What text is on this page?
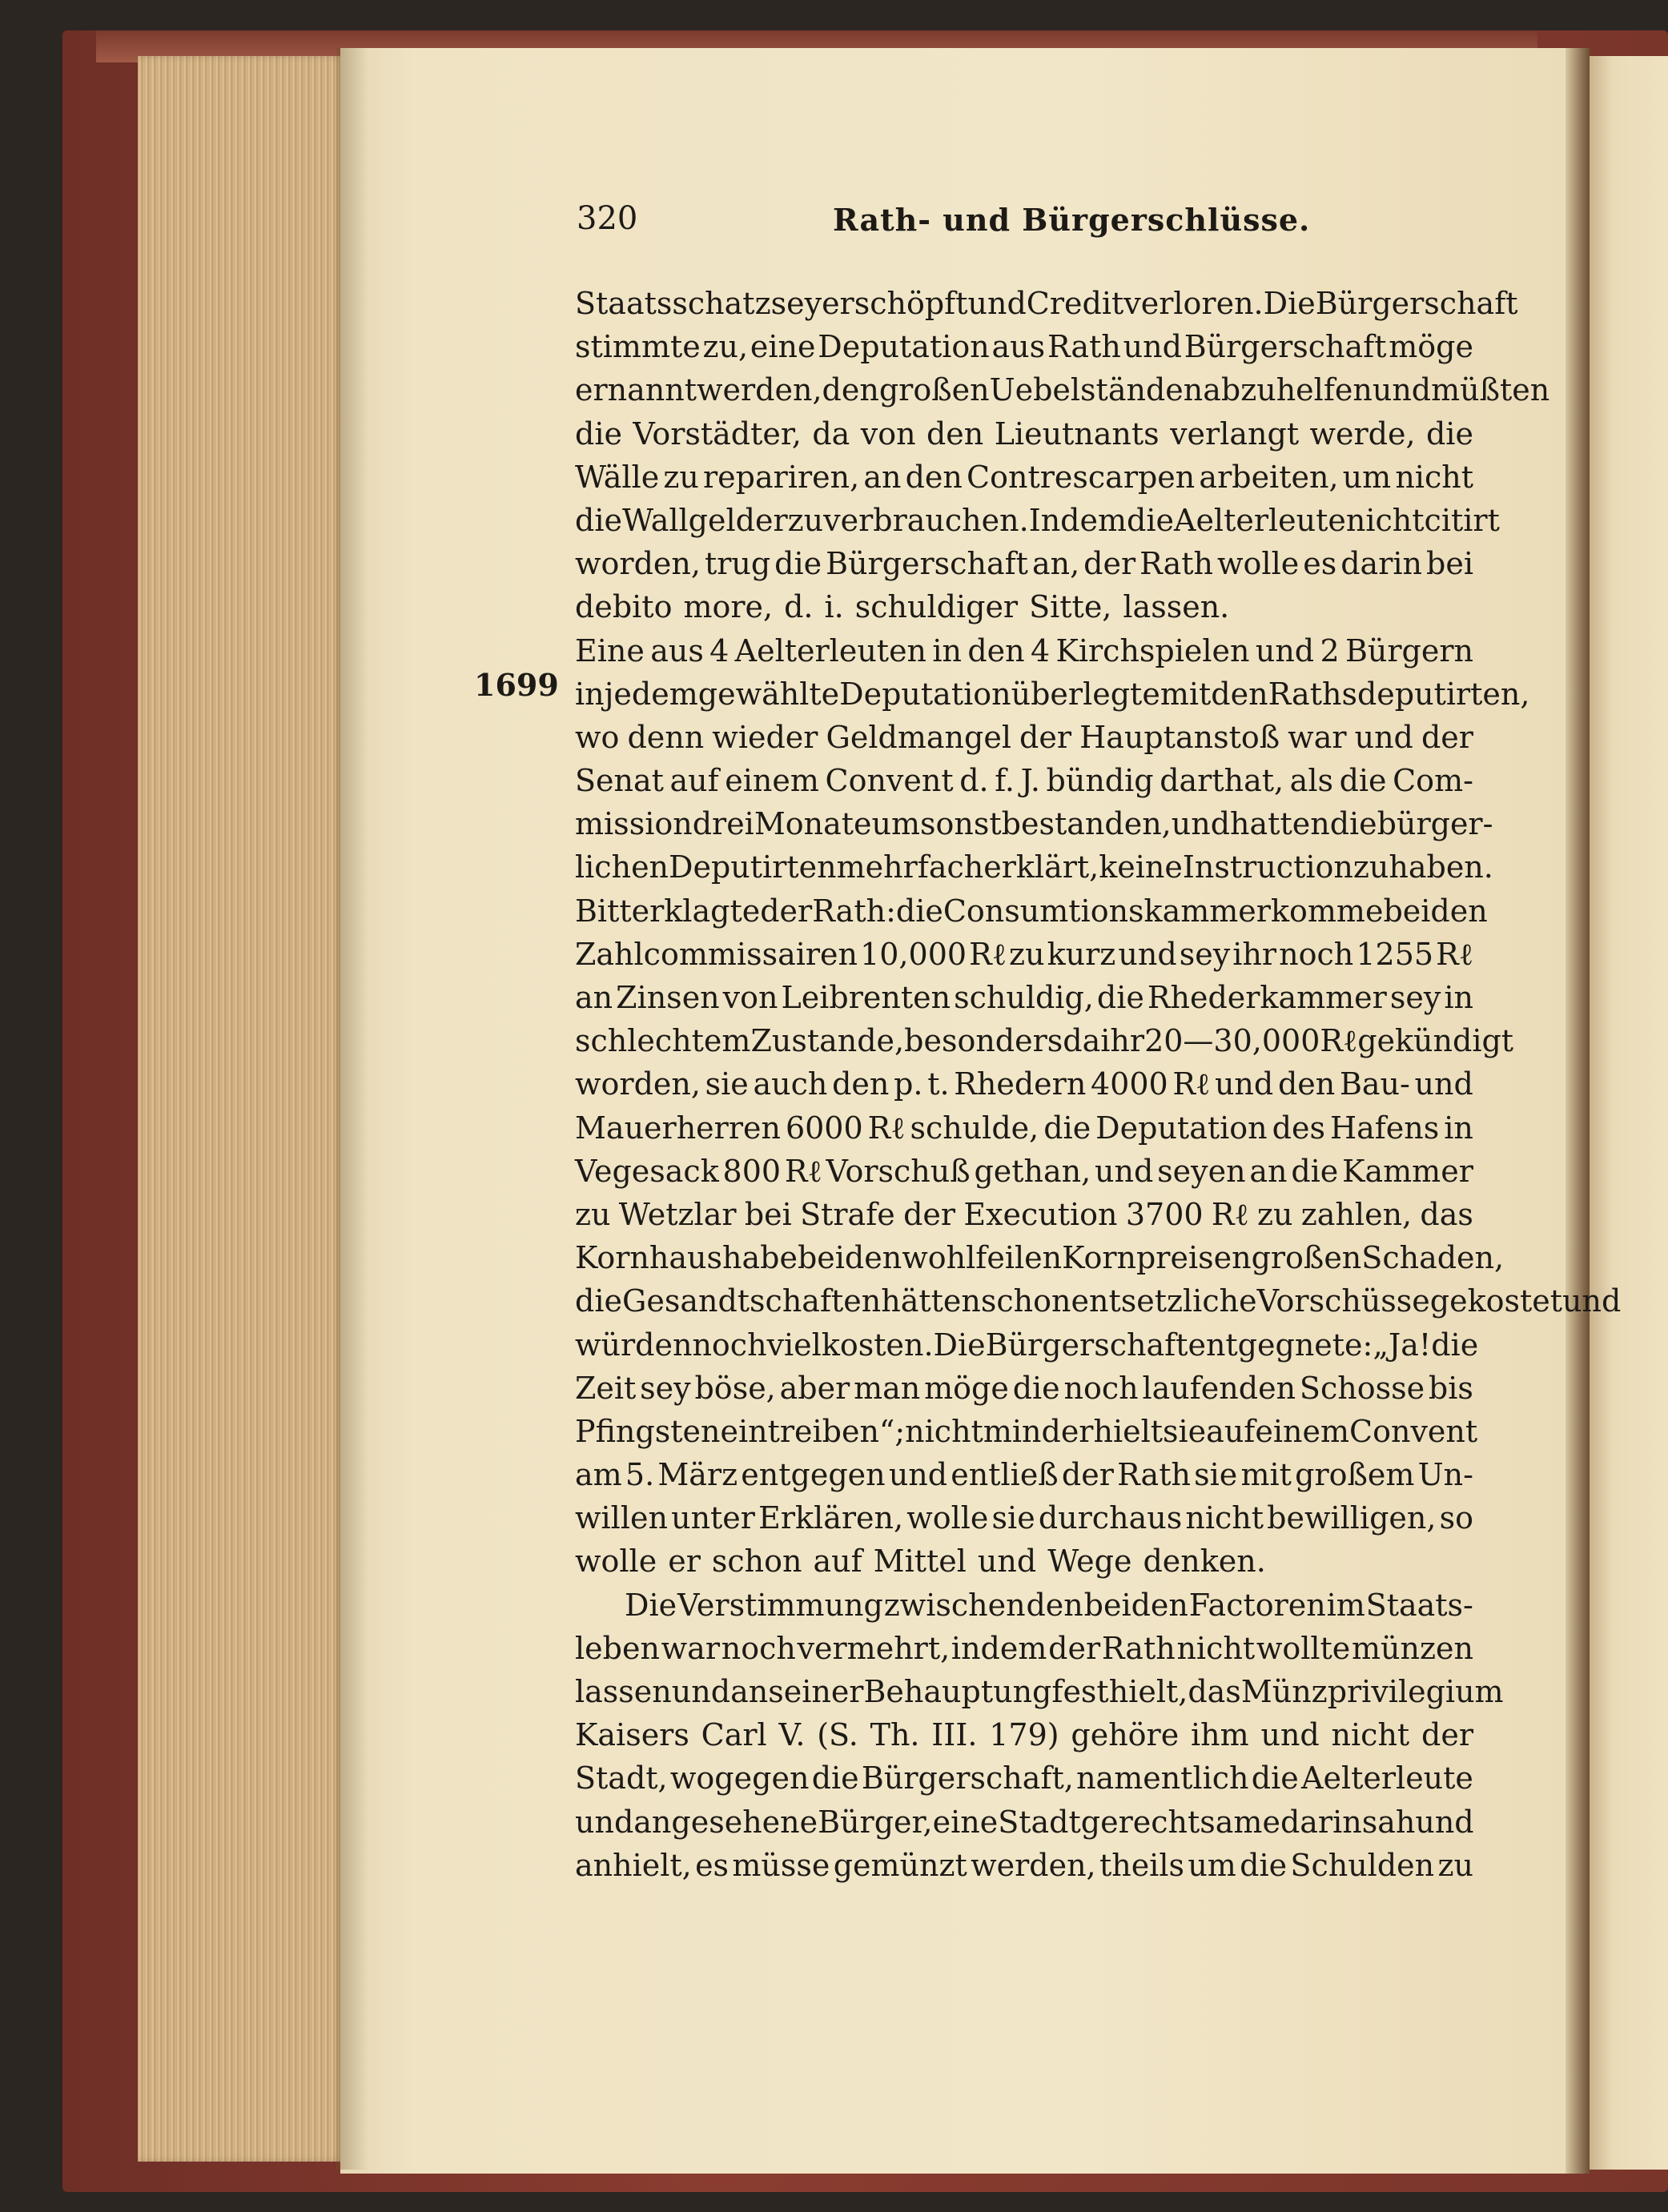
320	Rath- und Bürgerschlüsse.
1699
Staatsschatz sey erschöpft und Credit verloren. Die Bürgerschaft
stimmte zu, eine Deputation aus Rath und Bürgerschaft möge
ernannt werden, den großen Uebelständen abzuhelfen und müßten
die Vorstädter, da von den Lieutnants verlangt werde, die
Wälle zu repariren, an den Contrescarpen arbeiten, um nicht
die Wallgelder zu verbrauchen. Indem die Aelterleute nicht citirt
worden, trug die Bürgerschaft an, der Rath wolle es darin bei
debito more, d. i. schuldiger Sitte, lassen.
Eine aus 4 Aelterleuten in den 4 Kirchspielen und 2 Bürgern
in jedem gewählte Deputation überlegte mit den Rathsdeputirten,
wo denn wieder Geldmangel der Hauptanstoß war und der
Senat auf einem Convent d. f. J. bündig darthat, als die Com-
mission drei Monate umsonst bestanden, und hatten die bürger-
lichen Deputirten mehrfach erklärt, keine Instruction zu haben.
Bitter klagte der Rath: die Consumtionskammer komme bei den
Zahlcommissairen 10,000 Rℓ zu kurz und sey ihr noch 1255 Rℓ
an Zinsen von Leibrenten schuldig, die Rhederkammer sey in
schlechtem Zustande, besonders da ihr 20—30,000 Rℓ gekündigt
worden, sie auch den p. t. Rhedern 4000 Rℓ und den Bau- und
Mauerherren 6000 Rℓ schulde, die Deputation des Hafens in
Vegesack 800 Rℓ Vorschuß gethan, und seyen an die Kammer
zu Wetzlar bei Strafe der Execution 3700 Rℓ zu zahlen, das
Kornhaus habe bei den wohlfeilen Kornpreisen großen Schaden,
die Gesandtschaften hätten schon entsetzliche Vorschüsse gekostet und
würden noch viel kosten. Die Bürgerschaft entgegnete: „Ja! die
Zeit sey böse, aber man möge die noch laufenden Schosse bis
Pfingsten eintreiben“; nicht minder hielt sie auf einem Convent
am 5. März entgegen und entließ der Rath sie mit großem Un-
willen unter Erklären, wolle sie durchaus nicht bewilligen, so
wolle er schon auf Mittel und Wege denken.
Die Verstimmung zwischen den beiden Factoren im Staats-
leben war noch vermehrt, indem der Rath nicht wollte münzen
lassen und an seiner Behauptung fest hielt, das Münzprivilegium
Kaisers Carl V. (S. Th. III. 179) gehöre ihm und nicht der
Stadt, wogegen die Bürgerschaft, namentlich die Aelterleute
und angesehene Bürger, eine Stadtgerechtsame darin sah und
anhielt, es müsse gemünzt werden, theils um die Schulden zu
